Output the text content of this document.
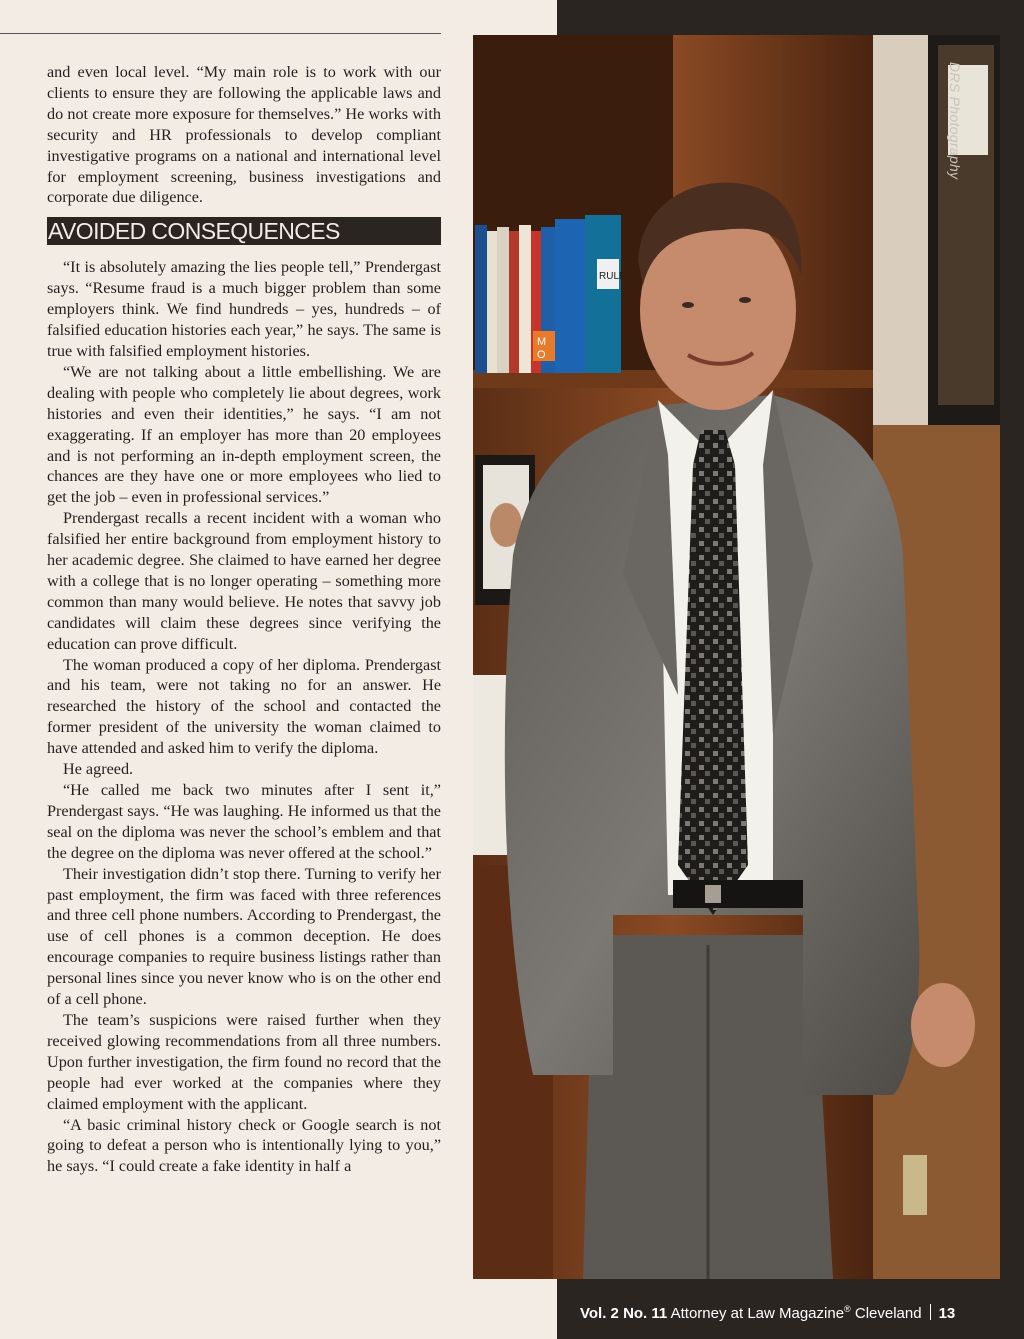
and even local level. “My main role is to work with our clients to ensure they are following the applicable laws and do not create more exposure for themselves.” He works with security and HR professionals to develop compliant investigative programs on a national and international level for employment screening, business investigations and corporate due diligence.

AVOIDED CONSEQUENCES

“It is absolutely amazing the lies people tell,” Prendergast says. “Resume fraud is a much bigger problem than some employers think. We find hundreds – yes, hundreds – of falsified education histories each year,” he says. The same is true with falsified employment histories.

“We are not talking about a little embellishing. We are dealing with people who completely lie about degrees, work histories and even their identities,” he says. “I am not exaggerating. If an employer has more than 20 employees and is not performing an in-depth employment screen, the chances are they have one or more employees who lied to get the job – even in professional services.”

Prendergast recalls a recent incident with a woman who falsified her entire background from employment history to her academic degree. She claimed to have earned her degree with a college that is no longer operating – something more common than many would believe. He notes that savvy job candidates will claim these degrees since verifying the education can prove difficult.

The woman produced a copy of her diploma. Prendergast and his team, were not taking no for an answer. He researched the history of the school and contacted the former president of the university the woman claimed to have attended and asked him to verify the diploma.

He agreed.

“He called me back two minutes after I sent it,” Prendergast says. “He was laughing. He informed us that the seal on the diploma was never the school’s emblem and that the degree on the diploma was never offered at the school.”

Their investigation didn’t stop there. Turning to verify her past employment, the firm was faced with three references and three cell phone numbers. According to Prendergast, the use of cell phones is a common deception. He does encourage companies to require business listings rather than personal lines since you never know who is on the other end of a cell phone.

The team’s suspicions were raised further when they received glowing recommendations from all three numbers. Upon further investigation, the firm found no record that the people had ever worked at the companies where they claimed employment with the applicant.

“A basic criminal history check or Google search is not going to defeat a person who is intentionally lying to you,” he says. “I could create a fake identity in half a

RULE
M
O
DRS Photography
Vol. 2 No. 11 Attorney at Law Magazine® Cleveland 13
